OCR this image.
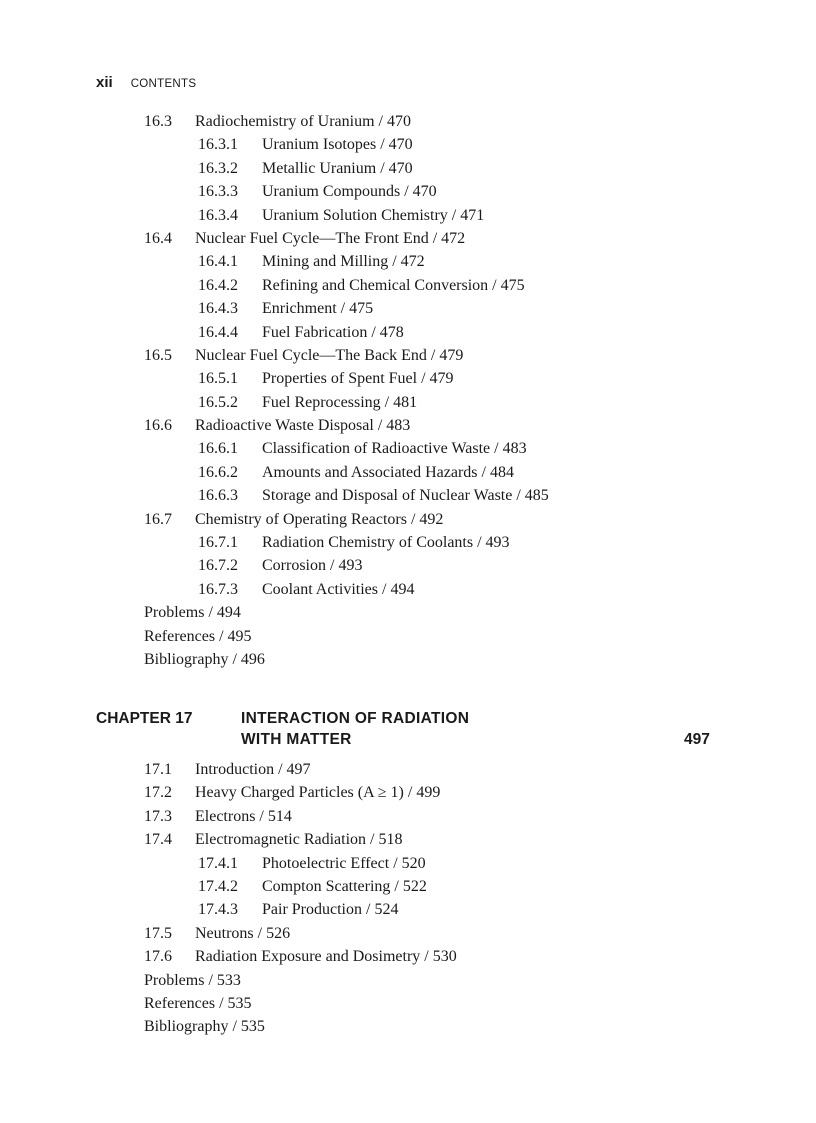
xii CONTENTS
16.3 Radiochemistry of Uranium / 470
16.3.1 Uranium Isotopes / 470
16.3.2 Metallic Uranium / 470
16.3.3 Uranium Compounds / 470
16.3.4 Uranium Solution Chemistry / 471
16.4 Nuclear Fuel Cycle—The Front End / 472
16.4.1 Mining and Milling / 472
16.4.2 Refining and Chemical Conversion / 475
16.4.3 Enrichment / 475
16.4.4 Fuel Fabrication / 478
16.5 Nuclear Fuel Cycle—The Back End / 479
16.5.1 Properties of Spent Fuel / 479
16.5.2 Fuel Reprocessing / 481
16.6 Radioactive Waste Disposal / 483
16.6.1 Classification of Radioactive Waste / 483
16.6.2 Amounts and Associated Hazards / 484
16.6.3 Storage and Disposal of Nuclear Waste / 485
16.7 Chemistry of Operating Reactors / 492
16.7.1 Radiation Chemistry of Coolants / 493
16.7.2 Corrosion / 493
16.7.3 Coolant Activities / 494
Problems / 494
References / 495
Bibliography / 496
CHAPTER 17	INTERACTION OF RADIATION
WITH MATTER	497
17.1 Introduction / 497
17.2 Heavy Charged Particles (A ≥ 1) / 499
17.3 Electrons / 514
17.4 Electromagnetic Radiation / 518
17.4.1 Photoelectric Effect / 520
17.4.2 Compton Scattering / 522
17.4.3 Pair Production / 524
17.5 Neutrons / 526
17.6 Radiation Exposure and Dosimetry / 530
Problems / 533
References / 535
Bibliography / 535
